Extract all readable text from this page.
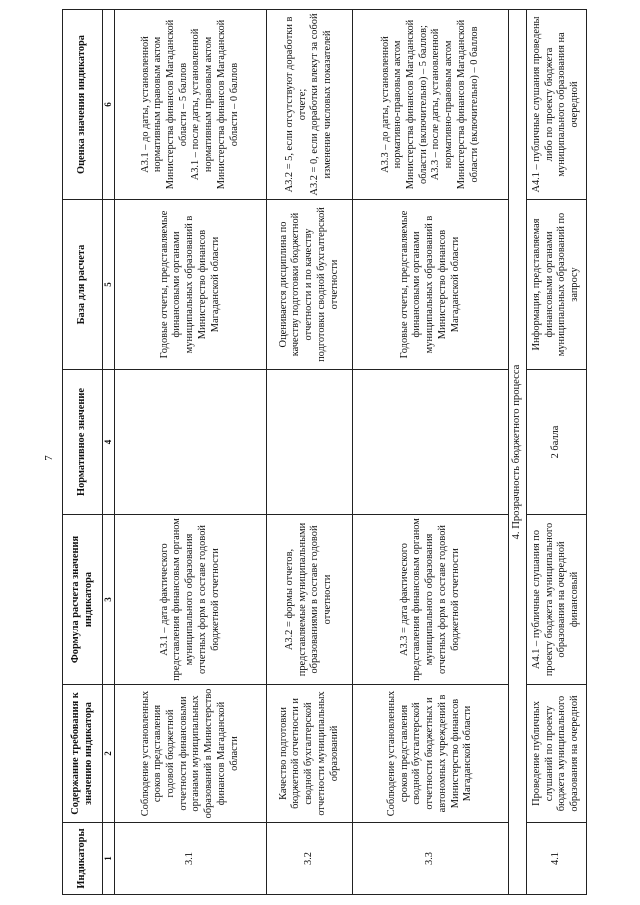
7
Индикаторы	Содержание требования к значению индикатора	Формула расчета значения индикатора	Нормативное значение	База для расчета	Оценка значения индикатора
1	2	3	4	5	6
3.1	Соблюдение установленных сроков представления годовой бюджетной отчетности финансовыми органами муниципальных образований в Министерство финансов Магаданской области	А3.1 – дата фактического представления финансовым органом муниципального образования отчетных форм в составе годовой бюджетной отчетности		Годовые отчеты, представляемые финансовыми органами муниципальных образований в Министерство финансов Магаданской области	А3.1 – до даты, установленной нормативным правовым актом Министерства финансов Магаданской области – 5 баллов
А3.1 – после даты, установленной нормативным правовым актом Министерства финансов Магаданской области – 0 баллов
3.2	Качество подготовки бюджетной отчетности и сводной бухгалтерской отчетности муниципальных образований	А3.2 = формы отчетов, представляемые муниципальными образованиями в составе годовой отчетности		Оценивается дисциплина по качеству подготовки бюджетной отчетности и по качеству подготовки сводной бухгалтерской отчетности	А3.2 = 5, если отсутствуют доработки в отчете;
А3.2 = 0, если доработки влекут за собой изменение числовых показателей
3.3	Соблюдение установленных сроков представления сводной бухгалтерской отчетности бюджетных и автономных учреждений в Министерство финансов Магаданской области	А3.3 = дата фактического представления финансовым органом муниципального образования отчетных форм в составе годовой бюджетной отчетности		Годовые отчеты, представляемые финансовыми органами муниципальных образований в Министерство финансов Магаданской области	А3.3 – до даты, установленной нормативно-правовым актом Министерства финансов Магаданской области (включительно) – 5 баллов;
А3.3 – после даты, установленной нормативно-правовым актом Министерства финансов Магаданской области (включительно) – 0 баллов
4. Прозрачность бюджетного процесса					
4.1	Проведение публичных слушаний по проекту бюджета муниципального образования на очередной	А4.1 – публичные слушания по проекту бюджета муниципального образования на очередной финансовый	2 балла	Информация, представляемая финансовыми органами муниципальных образований по запросу	А4.1 – публичные слушания проведены либо по проекту бюджета муниципального образования на очередной
